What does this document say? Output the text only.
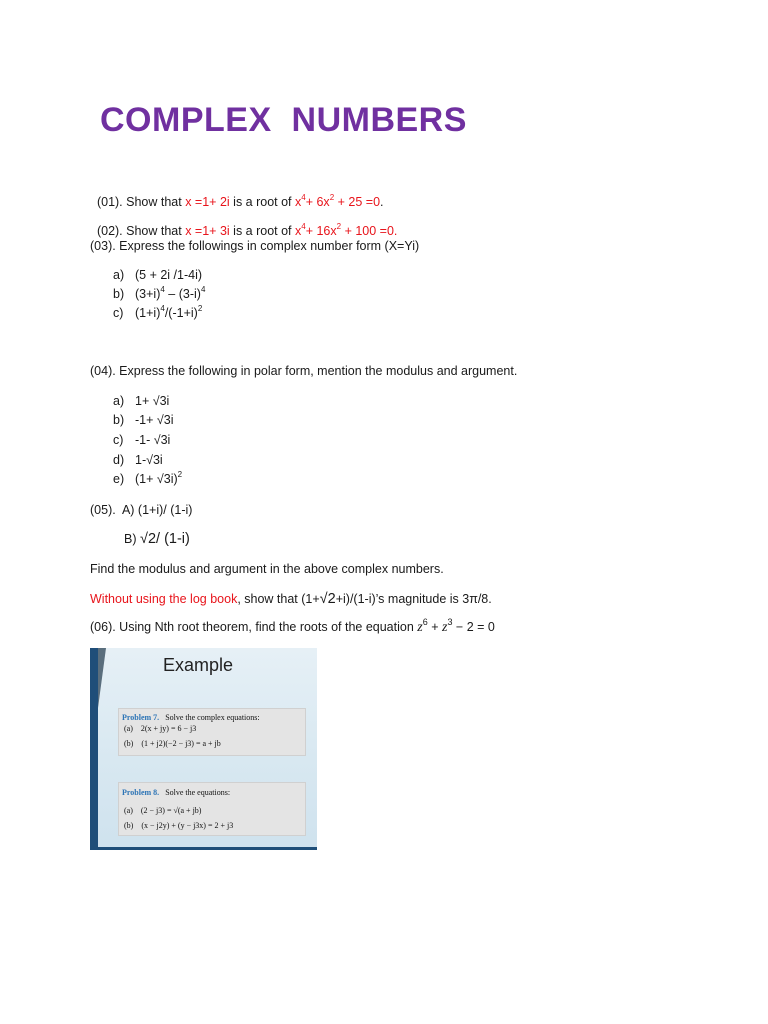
COMPLEX  NUMBERS

(01). Show that x =1+ 2i is a root of $x^4+ 6x^2 + 25 =0$.

(02). Show that x =1+ 3i is a root of $x^4+ 16x^2 + 100 =0$.

(03). Express the followings in complex number form (X=Yi)
a) (5 + 2i /1-4i)
b) $(3+i)^4 - (3-i)^4$
c) $(1+i)^4/(-1+i)^2$
(04). Express the following in polar form, mention the modulus and argument.
a) 1+ √3i
b) -1+ √3i
c) -1- √3i
d) 1-√3i
e) $(1+ √3i)^2$
(05).  A) (1+i)/ (1-i)
B) √2/ (1-i)
Find the modulus and argument in the above complex numbers.
Without using the log book, show that (1+√2+i)/(1-i)’s magnitude is 3π/8.
(06). Using Nth root theorem, find the roots of the equation $z^6 + z^3 - 2 = 0$
Example
Problem 7. Solve the complex equations:
(a)    2(x + jy) = 6 − j3
(b)    (1 + j2)(−2 − j3) = a + jb
Problem 8. Solve the equations:
(a)    (2 − j3) = √(a + jb)
(b)    (x − j2y) + (y − j3x) = 2 + j3
